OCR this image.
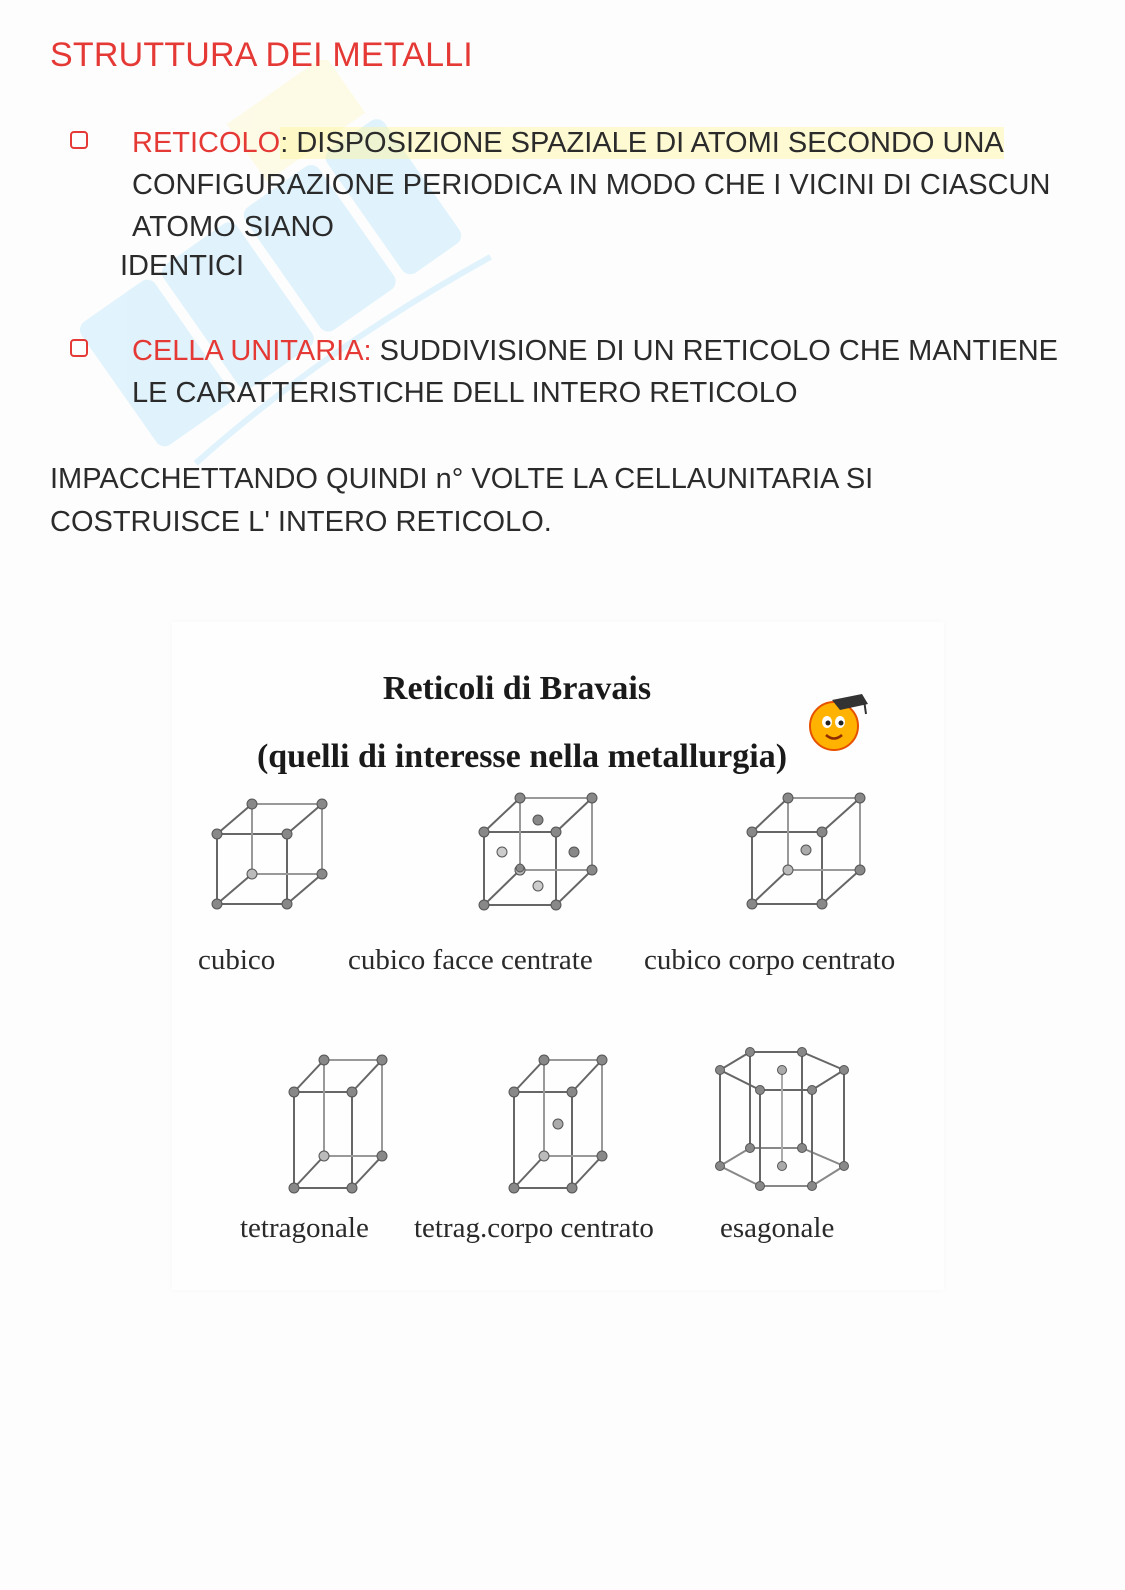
STRUTTURA DEI METALLI
RETICOLO: DISPOSIZIONE SPAZIALE DI ATOMI SECONDO UNA
CONFIGURAZIONE PERIODICA IN MODO CHE I VICINI DI CIASCUN
ATOMO SIANO
IDENTICI
CELLA UNITARIA: SUDDIVISIONE DI UN RETICOLO CHE MANTIENE
LE CARATTERISTICHE DELL INTERO RETICOLO
IMPACCHETTANDO QUINDI n° VOLTE LA CELLAUNITARIA SI
COSTRUISCE L' INTERO RETICOLO.
Reticoli di Bravais
(quelli di interesse nella metallurgia)
cubico	cubico facce centrate cubico corpo centrato
tetragonale tetrag.corpo centrato esagonale
